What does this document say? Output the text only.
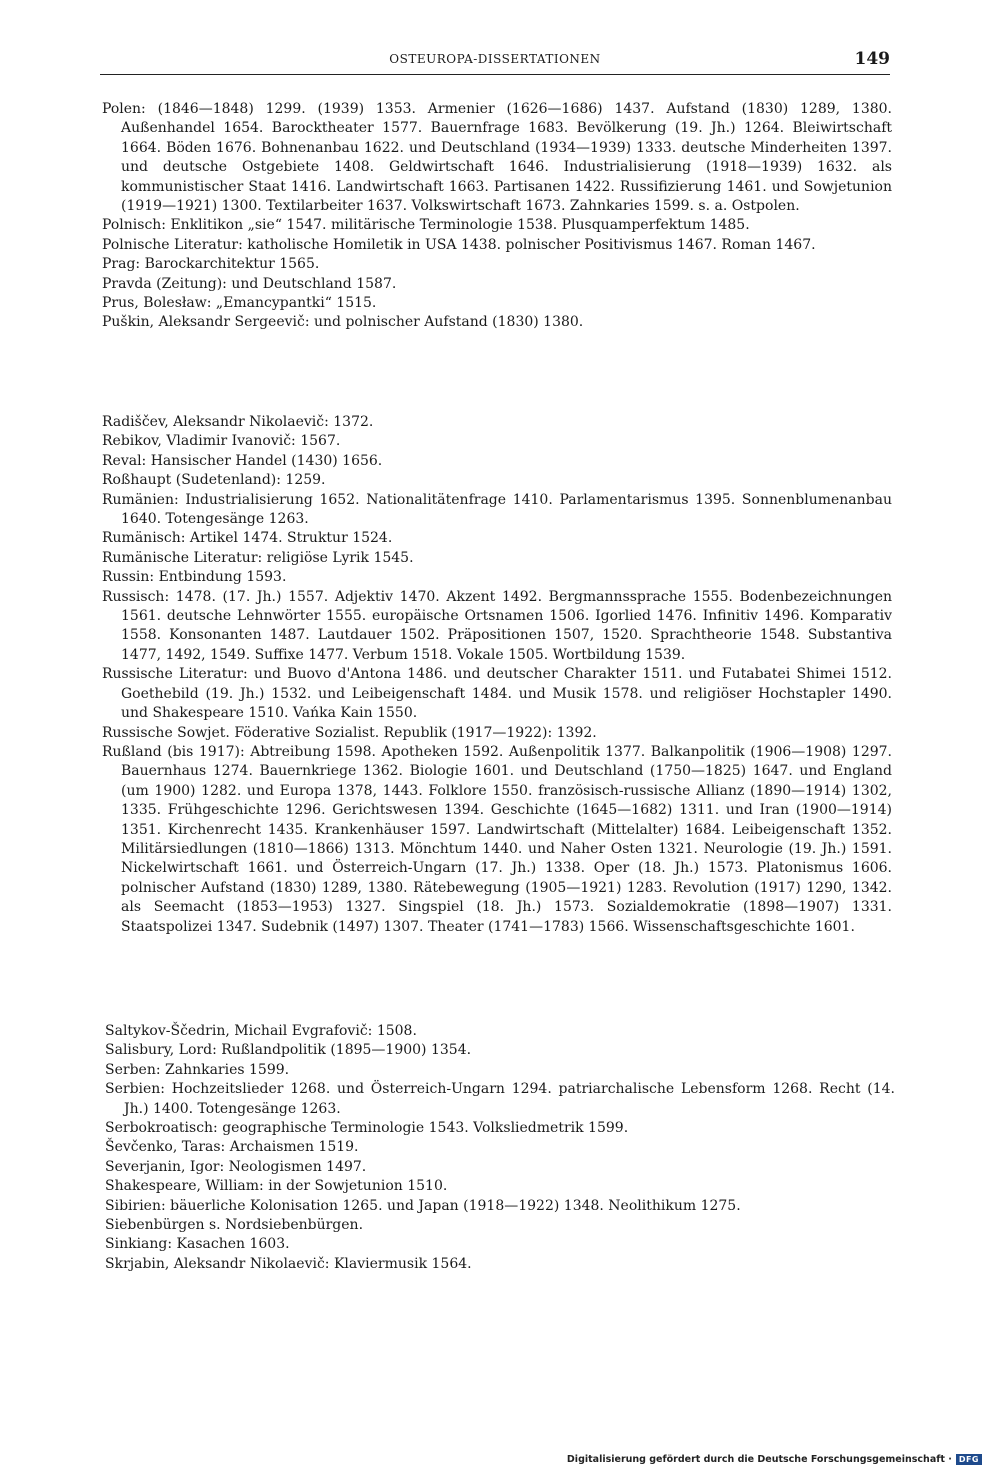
OSTEUROPA-DISSERTATIONEN	149
Polen: (1846—1848) 1299. (1939) 1353. Armenier (1626—1686) 1437. Aufstand (1830) 1289, 1380. Außenhandel 1654. Barocktheater 1577. Bauernfrage 1683. Bevölkerung (19. Jh.) 1264. Bleiwirtschaft 1664. Böden 1676. Bohnenanbau 1622. und Deutschland (1934—1939) 1333. deutsche Minderheiten 1397. und deutsche Ostgebiete 1408. Geldwirtschaft 1646. Industrialisierung (1918—1939) 1632. als kommunistischer Staat 1416. Landwirtschaft 1663. Partisanen 1422. Russifizierung 1461. und Sowjetunion (1919—1921) 1300. Textilarbeiter 1637. Volkswirtschaft 1673. Zahnkaries 1599. s. a. Ostpolen.
Polnisch: Enklitikon „sie“ 1547. militärische Terminologie 1538. Plusquamperfektum 1485.
Polnische Literatur: katholische Homiletik in USA 1438. polnischer Positivismus 1467. Roman 1467.
Prag: Barockarchitektur 1565.
Pravda (Zeitung): und Deutschland 1587.
Prus, Bolesław: „Emancypantki“ 1515.
Puškin, Aleksandr Sergeevič: und polnischer Aufstand (1830) 1380.
Radiščev, Aleksandr Nikolaevič: 1372.
Rebikov, Vladimir Ivanovič: 1567.
Reval: Hansischer Handel (1430) 1656.
Roßhaupt (Sudetenland): 1259.
Rumänien: Industrialisierung 1652. Nationalitätenfrage 1410. Parlamentarismus 1395. Sonnenblumenanbau 1640. Totengesänge 1263.
Rumänisch: Artikel 1474. Struktur 1524.
Rumänische Literatur: religiöse Lyrik 1545.
Russin: Entbindung 1593.
Russisch: 1478. (17. Jh.) 1557. Adjektiv 1470. Akzent 1492. Bergmannssprache 1555. Bodenbezeichnungen 1561. deutsche Lehnwörter 1555. europäische Ortsnamen 1506. Igorlied 1476. Infinitiv 1496. Komparativ 1558. Konsonanten 1487. Lautdauer 1502. Präpositionen 1507, 1520. Sprachtheorie 1548. Substantiva 1477, 1492, 1549. Suffixe 1477. Verbum 1518. Vokale 1505. Wortbildung 1539.
Russische Literatur: und Buovo d'Antona 1486. und deutscher Charakter 1511. und Futabatei Shimei 1512. Goethebild (19. Jh.) 1532. und Leibeigenschaft 1484. und Musik 1578. und religiöser Hochstapler 1490. und Shakespeare 1510. Vańka Kain 1550.
Russische Sowjet. Föderative Sozialist. Republik (1917—1922): 1392.
Rußland (bis 1917): Abtreibung 1598. Apotheken 1592. Außenpolitik 1377. Balkanpolitik (1906—1908) 1297. Bauernhaus 1274. Bauernkriege 1362. Biologie 1601. und Deutschland (1750—1825) 1647. und England (um 1900) 1282. und Europa 1378, 1443. Folklore 1550. französisch-russische Allianz (1890—1914) 1302, 1335. Frühgeschichte 1296. Gerichtswesen 1394. Geschichte (1645—1682) 1311. und Iran (1900—1914) 1351. Kirchenrecht 1435. Krankenhäuser 1597. Landwirtschaft (Mittelalter) 1684. Leibeigenschaft 1352. Militärsiedlungen (1810—1866) 1313. Mönchtum 1440. und Naher Osten 1321. Neurologie (19. Jh.) 1591. Nickelwirtschaft 1661. und Österreich-Ungarn (17. Jh.) 1338. Oper (18. Jh.) 1573. Platonismus 1606. polnischer Aufstand (1830) 1289, 1380. Rätebewegung (1905—1921) 1283. Revolution (1917) 1290, 1342. als Seemacht (1853—1953) 1327. Singspiel (18. Jh.) 1573. Sozialdemokratie (1898—1907) 1331. Staatspolizei 1347. Sudebnik (1497) 1307. Theater (1741—1783) 1566. Wissenschaftsgeschichte 1601.
Saltykov-Ščedrin, Michail Evgrafovič: 1508.
Salisbury, Lord: Rußlandpolitik (1895—1900) 1354.
Serben: Zahnkaries 1599.
Serbien: Hochzeitslieder 1268. und Österreich-Ungarn 1294. patriarchalische Lebensform 1268. Recht (14. Jh.) 1400. Totengesänge 1263.
Serbokroatisch: geographische Terminologie 1543. Volksliedmetrik 1599.
Ševčenko, Taras: Archaismen 1519.
Severjanin, Igor: Neologismen 1497.
Shakespeare, William: in der Sowjetunion 1510.
Sibirien: bäuerliche Kolonisation 1265. und Japan (1918—1922) 1348. Neolithikum 1275.
Siebenbürgen s. Nordsiebenbürgen.
Sinkiang: Kasachen 1603.
Skrjabin, Aleksandr Nikolaevič: Klaviermusik 1564.
Digitalisierung gefördert durch die Deutsche Forschungsgemeinschaft · DFG
